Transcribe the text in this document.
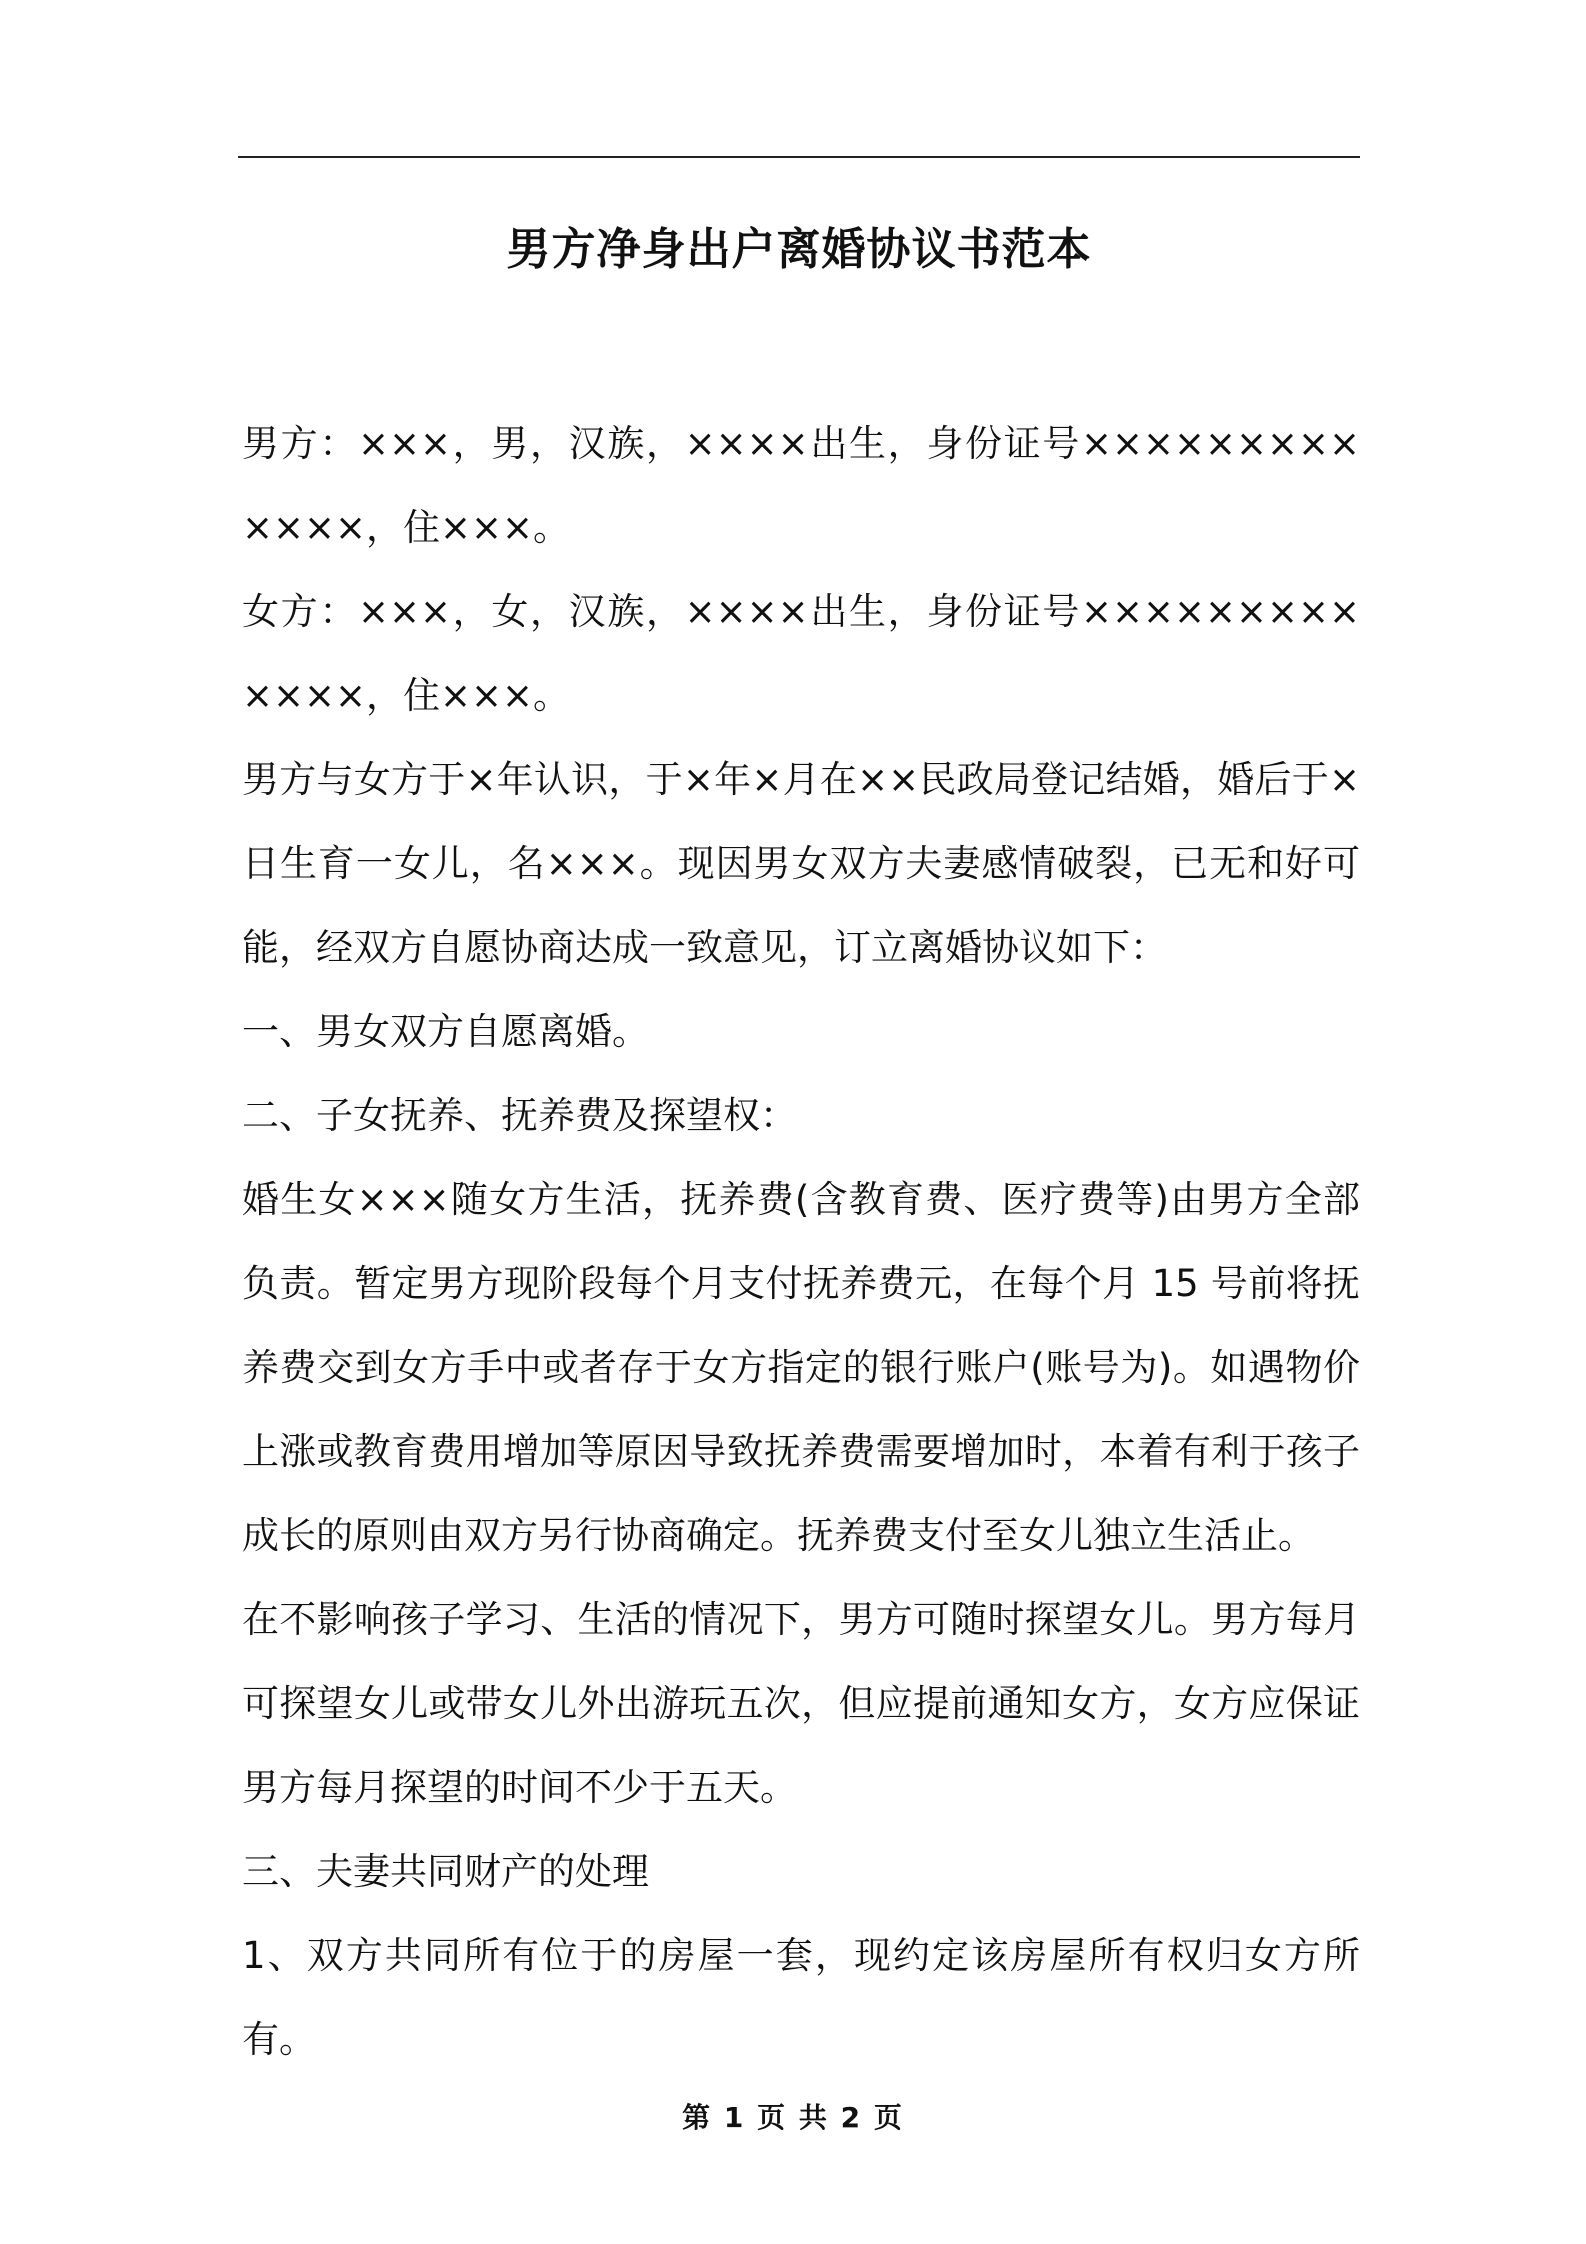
男方净身出户离婚协议书范本

男方：×××，男，汉族，××××出生，身份证号×××××××××××××，住×××。

女方：×××，女，汉族，××××出生，身份证号×××××××××××××，住×××。

男方与女方于×年认识，于×年×月在××民政局登记结婚，婚后于×日生育一女儿，名×××。现因男女双方夫妻感情破裂，已无和好可能，经双方自愿协商达成一致意见，订立离婚协议如下：

一、男女双方自愿离婚。

二、子女抚养、抚养费及探望权：

婚生女×××随女方生活，抚养费(含教育费、医疗费等)由男方全部负责。暂定男方现阶段每个月支付抚养费元，在每个月 15 号前将抚养费交到女方手中或者存于女方指定的银行账户(账号为)。如遇物价上涨或教育费用增加等原因导致抚养费需要增加时，本着有利于孩子成长的原则由双方另行协商确定。抚养费支付至女儿独立生活止。

在不影响孩子学习、生活的情况下，男方可随时探望女儿。男方每月可探望女儿或带女儿外出游玩五次，但应提前通知女方，女方应保证男方每月探望的时间不少于五天。

三、夫妻共同财产的处理

1、双方共同所有位于的房屋一套，现约定该房屋所有权归女方所有。

第 1 页 共 2 页
